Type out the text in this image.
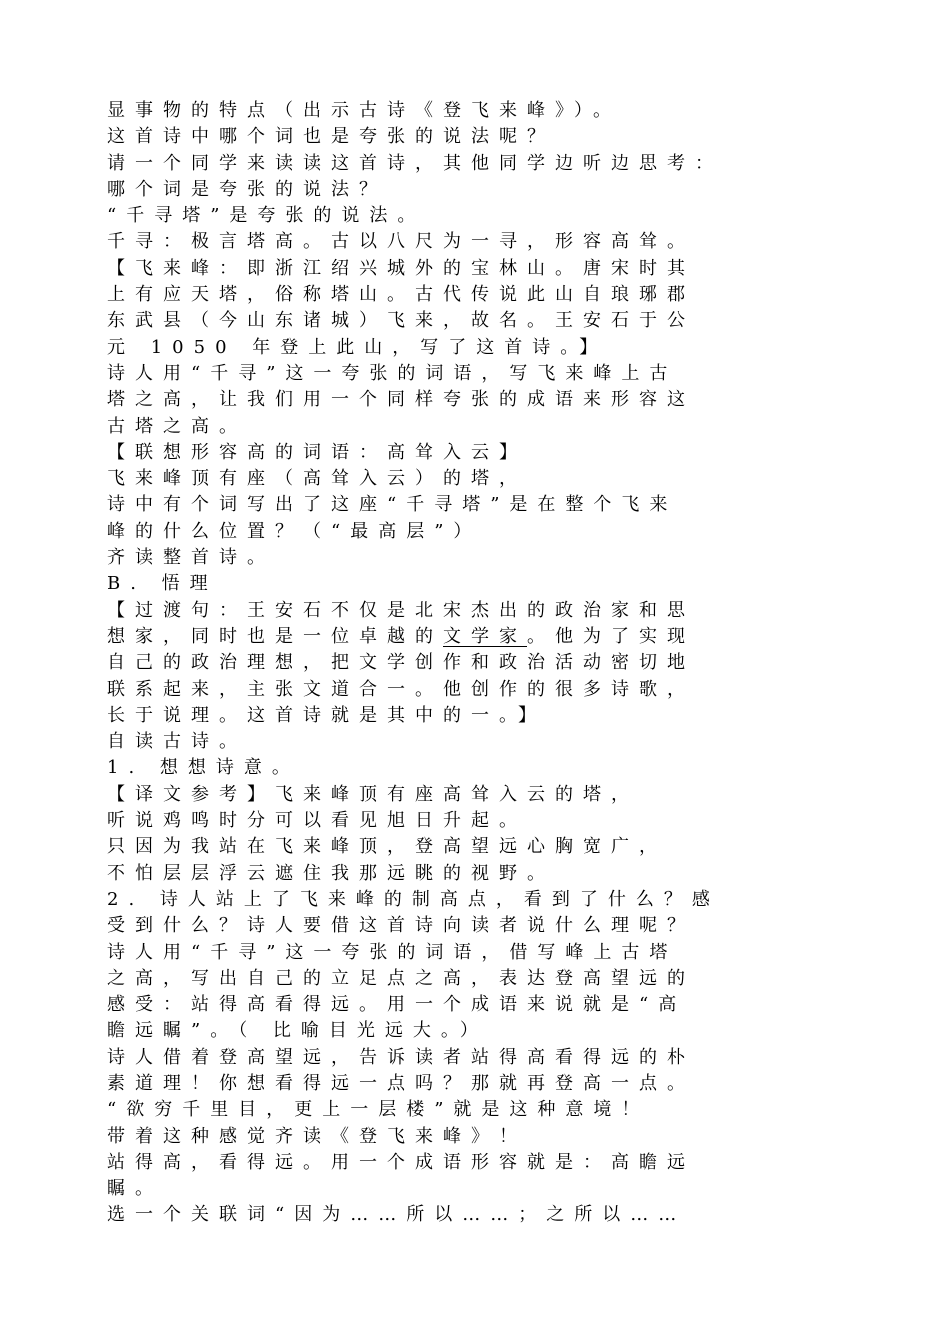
显事物的特点（出示古诗《登飞来峰》）。
这首诗中哪个词也是夸张的说法呢？
请一个同学来读读这首诗，其他同学边听边思考：
哪个词是夸张的说法？
“千寻塔”是夸张的说法。
千寻：极言塔高。古以八尺为一寻，形容高耸。
【飞来峰：即浙江绍兴城外的宝林山。唐宋时其
上有应天塔，俗称塔山。古代传说此山自琅琊郡
东武县（今山东诸城）飞来，故名。王安石于公
元 1050 年登上此山，写了这首诗。】
诗人用“千寻”这一夸张的词语，写飞来峰上古
塔之高，让我们用一个同样夸张的成语来形容这
古塔之高。
【联想形容高的词语：高耸入云】
飞来峰顶有座（高耸入云）的塔，
诗中有个词写出了这座“千寻塔”是在整个飞来
峰的什么位置？（“最高层”）
齐读整首诗。
B. 悟理
【过渡句：王安石不仅是北宋杰出的政治家和思
想家，同时也是一位卓越的文学家。他为了实现
自己的政治理想，把文学创作和政治活动密切地
联系起来，主张文道合一。他创作的很多诗歌，
长于说理。这首诗就是其中的一。】
自读古诗。
1. 想想诗意。
【译文参考】飞来峰顶有座高耸入云的塔，
听说鸡鸣时分可以看见旭日升起。
只因为我站在飞来峰顶，登高望远心胸宽广，
不怕层层浮云遮住我那远眺的视野。
2. 诗人站上了飞来峰的制高点，看到了什么？感
受到什么？诗人要借这首诗向读者说什么理呢？
诗人用“千寻”这一夸张的词语，借写峰上古塔
之高，写出自己的立足点之高，表达登高望远的
感受：站得高看得远。用一个成语来说就是“高
瞻远瞩”。（ 比喻目光远大。）
诗人借着登高望远，告诉读者站得高看得远的朴
素道理！你想看得远一点吗？那就再登高一点。
“欲穷千里目，更上一层楼”就是这种意境！
带着这种感觉齐读《登飞来峰》！
站得高，看得远。用一个成语形容就是：高瞻远
瞩。
选一个关联词“因为……所以……；之所以……
